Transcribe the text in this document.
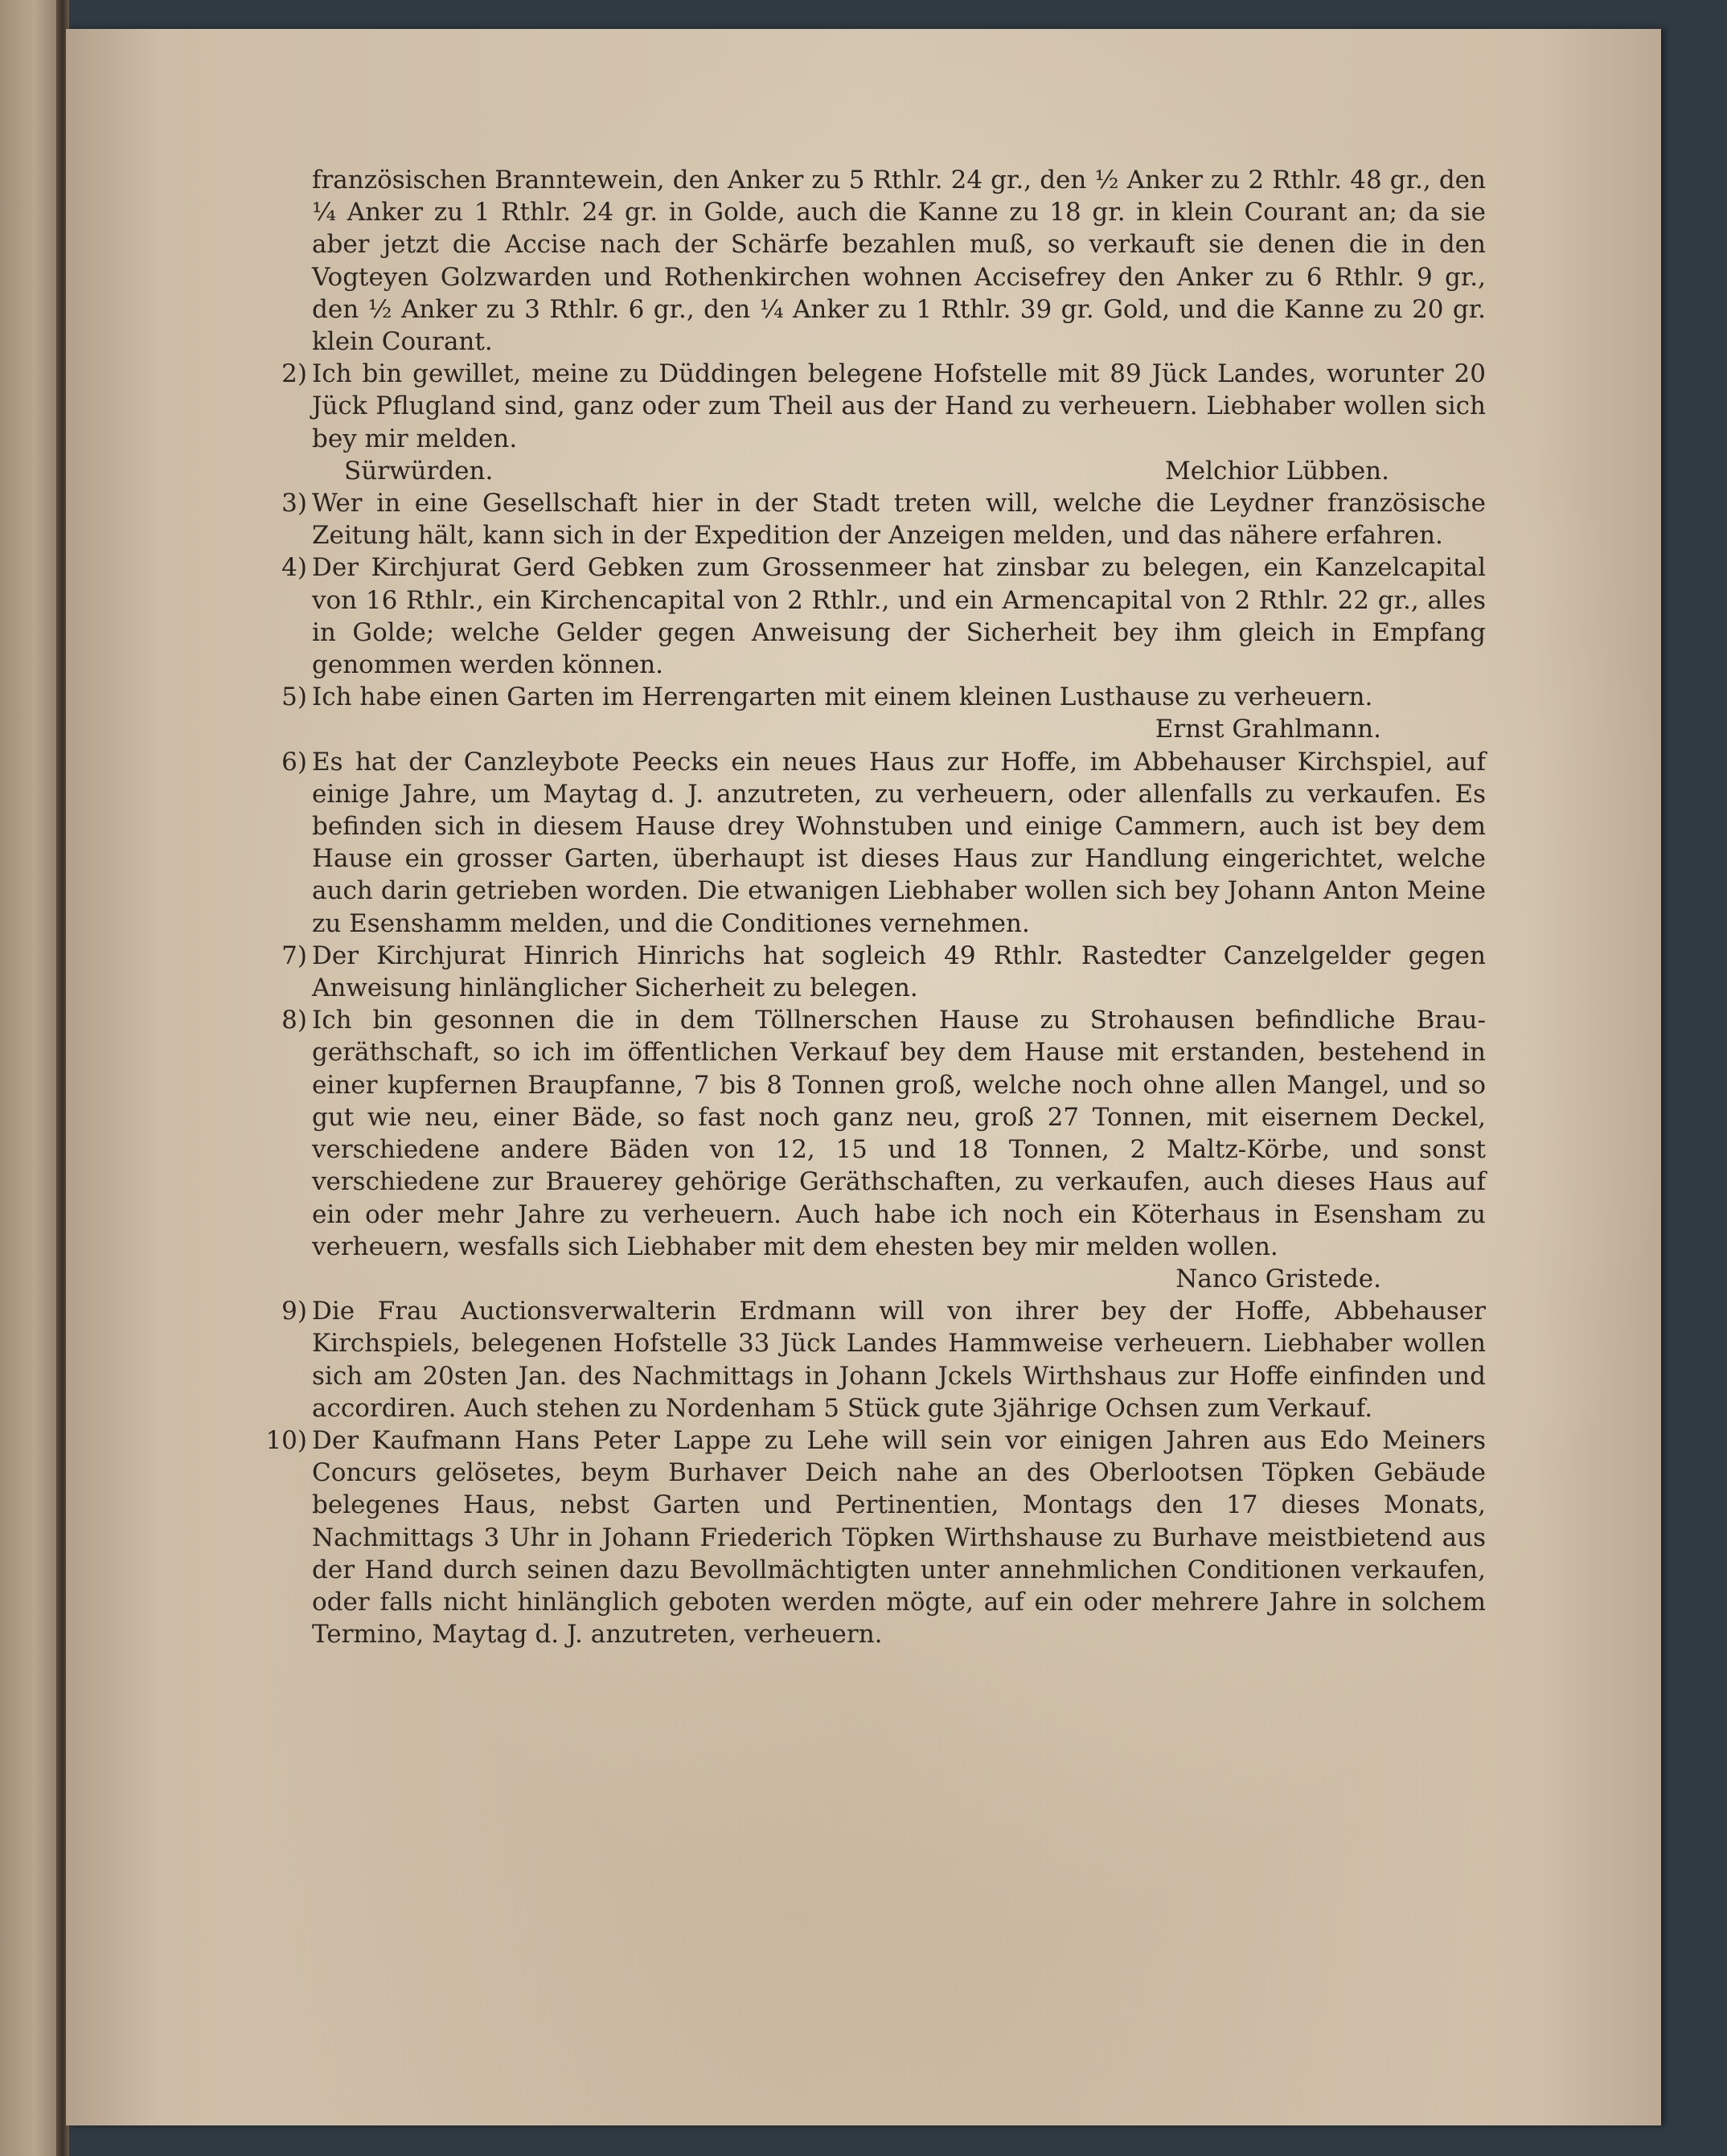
französischen Branntewein, den Anker zu 5 Rthlr. 24 gr., den ½ Anker zu 2 Rthlr. 48 gr., den ¼ Anker zu 1 Rthlr. 24 gr. in Golde, auch die Kanne zu 18 gr. in klein Courant an; da sie aber jetzt die Accise nach der Schärfe bezahlen muß, so verkauft sie denen die in den Vogteyen Golzwarden und Rothenkirchen wohnen Accisefrey den Anker zu 6 Rthlr. 9 gr., den ½ Anker zu 3 Rthlr. 6 gr., den ¼ Anker zu 1 Rthlr. 39 gr. Gold, und die Kanne zu 20 gr. klein Courant.

2) Ich bin gewillet, meine zu Düddingen belegene Hofstelle mit 89 Jück Landes, worunter 20 Jück Pflugland sind, ganz oder zum Theil aus der Hand zu verheuern. Liebhaber wollen sich bey mir melden.

Sürwürden.	Melchior Lübben.
3) Wer in eine Gesellschaft hier in der Stadt treten will, welche die Leydner französische Zeitung hält, kann sich in der Expedition der Anzeigen melden, und das nähere erfahren.

4) Der Kirchjurat Gerd Gebken zum Grossenmeer hat zinsbar zu belegen, ein Kanzelcapital von 16 Rthlr., ein Kirchencapital von 2 Rthlr., und ein Armencapital von 2 Rthlr. 22 gr., alles in Golde; welche Gelder gegen Anweisung der Sicherheit bey ihm gleich in Empfang genommen werden können.

5) Ich habe einen Garten im Herrengarten mit einem kleinen Lusthause zu verheuern.

Ernst Grahlmann.
6) Es hat der Canzleybote Peecks ein neues Haus zur Hoffe, im Abbehauser Kirchspiel, auf einige Jahre, um Maytag d. J. anzutreten, zu verheuern, oder allenfalls zu verkaufen. Es befinden sich in diesem Hause drey Wohnstuben und einige Cammern, auch ist bey dem Hause ein grosser Garten, überhaupt ist dieses Haus zur Handlung eingerichtet, welche auch darin getrieben worden. Die etwanigen Liebhaber wollen sich bey Johann Anton Meine zu Esenshamm melden, und die Conditiones vernehmen.

7) Der Kirchjurat Hinrich Hinrichs hat sogleich 49 Rthlr. Rastedter Canzelgelder gegen Anweisung hinlänglicher Sicherheit zu belegen.

8) Ich bin gesonnen die in dem Töllnerschen Hause zu Strohausen befindliche Brau-geräthschaft, so ich im öffentlichen Verkauf bey dem Hause mit erstanden, bestehend in einer kupfernen Braupfanne, 7 bis 8 Tonnen groß, welche noch ohne allen Mangel, und so gut wie neu, einer Bäde, so fast noch ganz neu, groß 27 Tonnen, mit eisernem Deckel, verschiedene andere Bäden von 12, 15 und 18 Tonnen, 2 Maltz-Körbe, und sonst verschiedene zur Brauerey gehörige Geräthschaften, zu verkaufen, auch dieses Haus auf ein oder mehr Jahre zu verheuern. Auch habe ich noch ein Köterhaus in Esensham zu verheuern, wesfalls sich Liebhaber mit dem ehesten bey mir melden wollen.

Nanco Gristede.
9) Die Frau Auctionsverwalterin Erdmann will von ihrer bey der Hoffe, Abbehauser Kirchspiels, belegenen Hofstelle 33 Jück Landes Hammweise verheuern. Liebhaber wollen sich am 20sten Jan. des Nachmittags in Johann Jckels Wirthshaus zur Hoffe einfinden und accordiren. Auch stehen zu Nordenham 5 Stück gute 3jährige Ochsen zum Verkauf.

10) Der Kaufmann Hans Peter Lappe zu Lehe will sein vor einigen Jahren aus Edo Meiners Concurs gelösetes, beym Burhaver Deich nahe an des Oberlootsen Töpken Gebäude belegenes Haus, nebst Garten und Pertinentien, Montags den 17 dieses Monats, Nachmittags 3 Uhr in Johann Friederich Töpken Wirthshause zu Burhave meistbietend aus der Hand durch seinen dazu Bevollmächtigten unter annehmlichen Conditionen verkaufen, oder falls nicht hinlänglich geboten werden mögte, auf ein oder mehrere Jahre in solchem Termino, Maytag d. J. anzutreten, verheuern.
